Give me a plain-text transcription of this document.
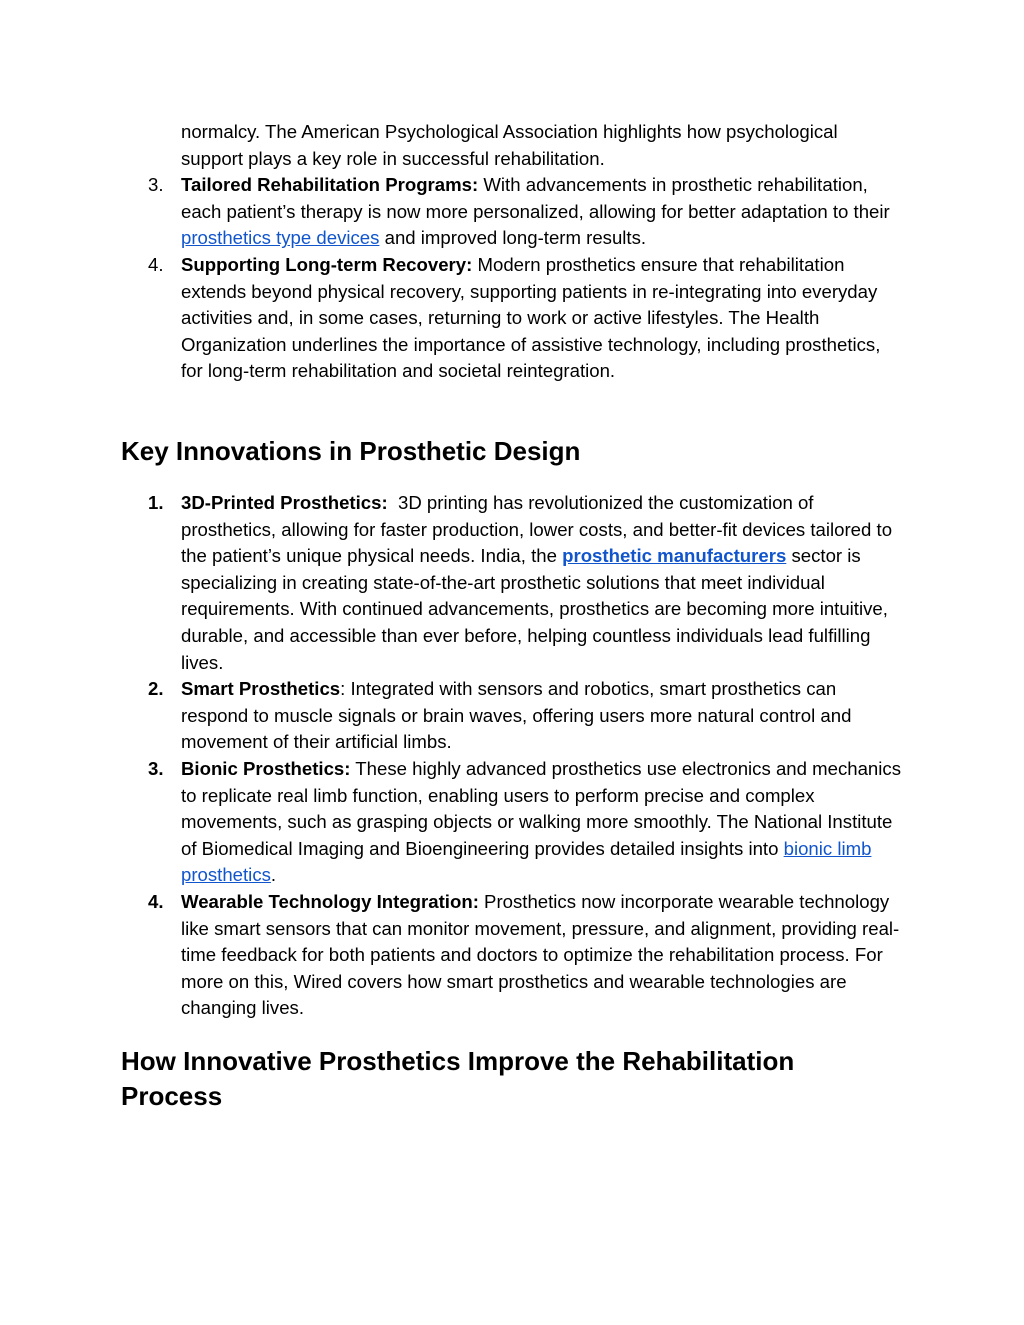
normalcy. The American Psychological Association highlights how psychological support plays a key role in successful rehabilitation.
3. Tailored Rehabilitation Programs: With advancements in prosthetic rehabilitation, each patient’s therapy is now more personalized, allowing for better adaptation to their prosthetics type devices and improved long-term results.
4. Supporting Long-term Recovery: Modern prosthetics ensure that rehabilitation extends beyond physical recovery, supporting patients in re-integrating into everyday activities and, in some cases, returning to work or active lifestyles. The Health Organization underlines the importance of assistive technology, including prosthetics, for long-term rehabilitation and societal reintegration.
Key Innovations in Prosthetic Design
1. 3D-Printed Prosthetics:  3D printing has revolutionized the customization of prosthetics, allowing for faster production, lower costs, and better-fit devices tailored to the patient’s unique physical needs. India, the prosthetic manufacturers sector is specializing in creating state-of-the-art prosthetic solutions that meet individual requirements. With continued advancements, prosthetics are becoming more intuitive, durable, and accessible than ever before, helping countless individuals lead fulfilling lives.
2. Smart Prosthetics: Integrated with sensors and robotics, smart prosthetics can respond to muscle signals or brain waves, offering users more natural control and movement of their artificial limbs.
3. Bionic Prosthetics: These highly advanced prosthetics use electronics and mechanics to replicate real limb function, enabling users to perform precise and complex movements, such as grasping objects or walking more smoothly. The National Institute of Biomedical Imaging and Bioengineering provides detailed insights into bionic limb prosthetics.
4. Wearable Technology Integration: Prosthetics now incorporate wearable technology like smart sensors that can monitor movement, pressure, and alignment, providing real-time feedback for both patients and doctors to optimize the rehabilitation process. For more on this, Wired covers how smart prosthetics and wearable technologies are changing lives.
How Innovative Prosthetics Improve the Rehabilitation Process
